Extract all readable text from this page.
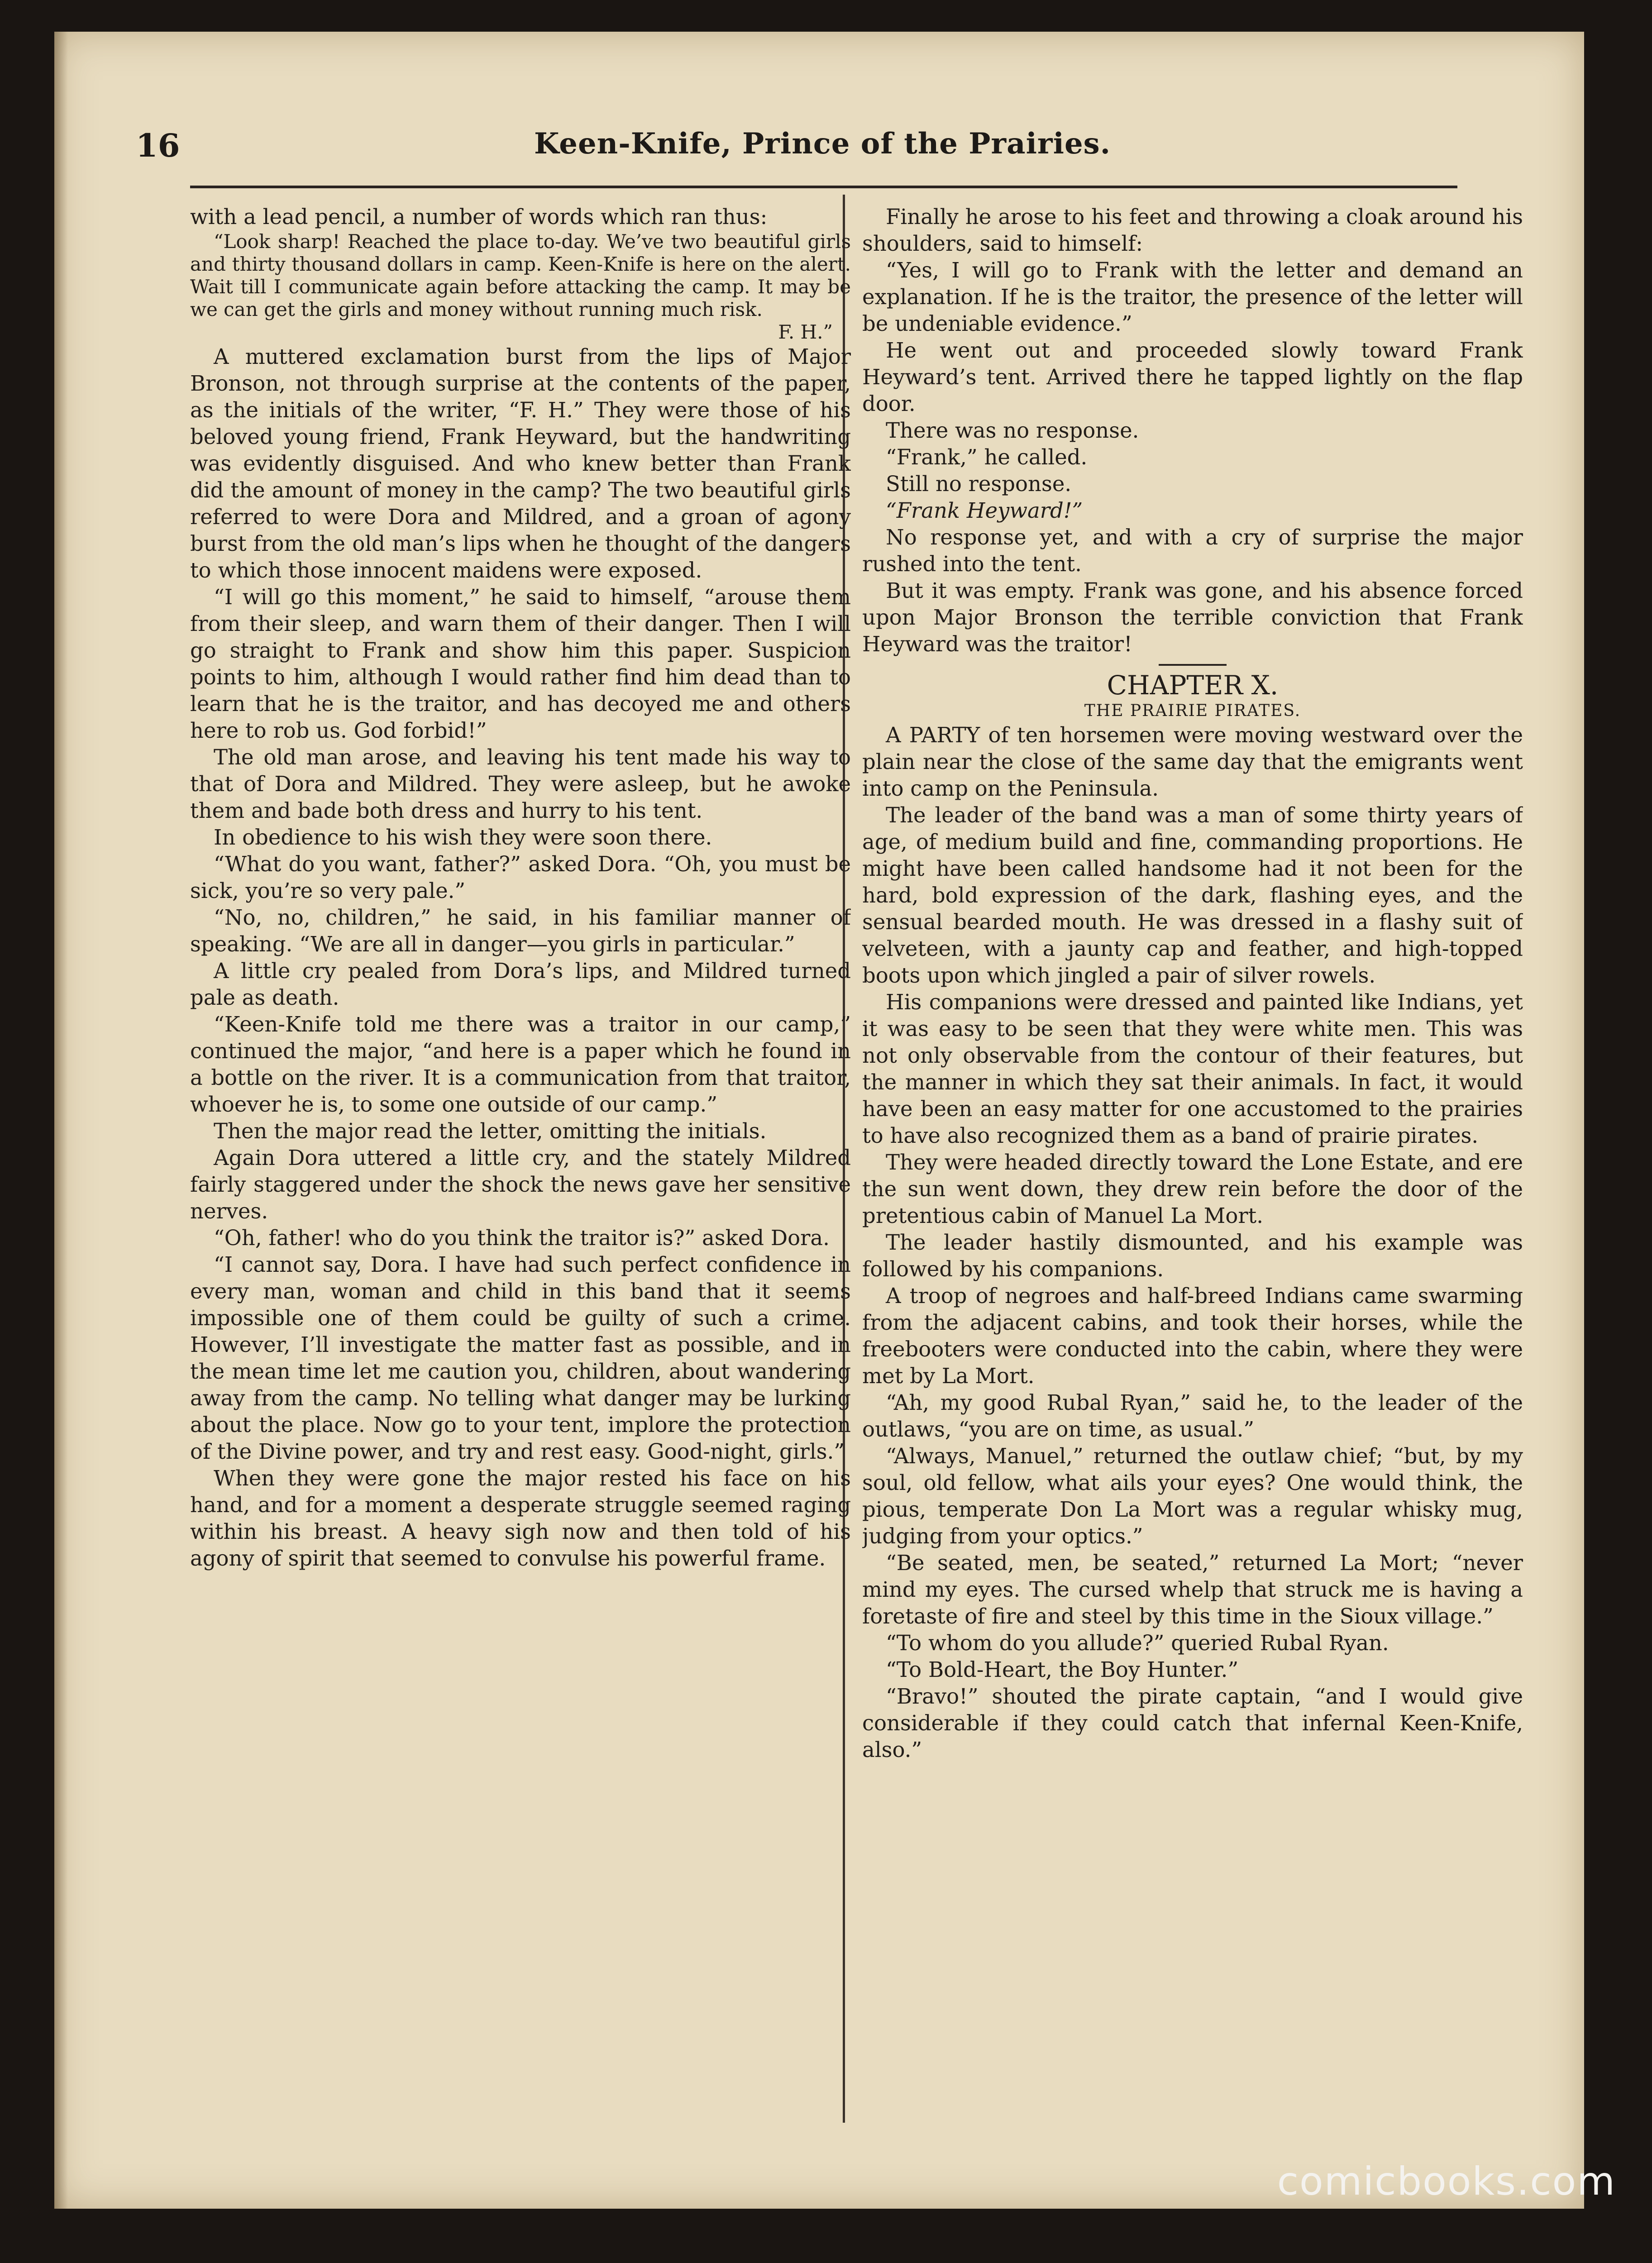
16	Keen-Knife, Prince of the Prairies.

with a lead pencil, a number of words which ran thus:

“Look sharp! Reached the place to-day. We’ve two beautiful girls and thirty thousand dollars in camp. Keen-Knife is here on the alert. Wait till I communicate again before attacking the camp. It may be we can get the girls and money without running much risk.

F. H.”

A muttered exclamation burst from the lips of Major Bronson, not through surprise at the contents of the paper, as the initials of the writer, “F. H.” They were those of his beloved young friend, Frank Heyward, but the handwriting was evidently disguised. And who knew better than Frank did the amount of money in the camp? The two beautiful girls referred to were Dora and Mildred, and a groan of agony burst from the old man’s lips when he thought of the dangers to which those innocent maidens were exposed.

“I will go this moment,” he said to himself, “arouse them from their sleep, and warn them of their danger. Then I will go straight to Frank and show him this paper. Suspicion points to him, although I would rather find him dead than to learn that he is the traitor, and has decoyed me and others here to rob us. God forbid!”

The old man arose, and leaving his tent made his way to that of Dora and Mildred. They were asleep, but he awoke them and bade both dress and hurry to his tent.

In obedience to his wish they were soon there.

“What do you want, father?” asked Dora. “Oh, you must be sick, you’re so very pale.”

“No, no, children,” he said, in his familiar manner of speaking. “We are all in danger—you girls in particular.”

A little cry pealed from Dora’s lips, and Mildred turned pale as death.

“Keen-Knife told me there was a traitor in our camp,” continued the major, “and here is a paper which he found in a bottle on the river. It is a communication from that traitor, whoever he is, to some one outside of our camp.”

Then the major read the letter, omitting the initials.

Again Dora uttered a little cry, and the stately Mildred fairly staggered under the shock the news gave her sensitive nerves.

“Oh, father! who do you think the traitor is?” asked Dora.

“I cannot say, Dora. I have had such perfect confidence in every man, woman and child in this band that it seems impossible one of them could be guilty of such a crime. However, I’ll investigate the matter fast as possible, and in the mean time let me caution you, children, about wandering away from the camp. No telling what danger may be lurking about the place. Now go to your tent, implore the protection of the Divine power, and try and rest easy. Good-night, girls.”

When they were gone the major rested his face on his hand, and for a moment a desperate struggle seemed raging within his breast. A heavy sigh now and then told of his agony of spirit that seemed to convulse his powerful frame.

Finally he arose to his feet and throwing a cloak around his shoulders, said to himself:

“Yes, I will go to Frank with the letter and demand an explanation. If he is the traitor, the presence of the letter will be undeniable evidence.”

He went out and proceeded slowly toward Frank Heyward’s tent. Arrived there he tapped lightly on the flap door.

There was no response.

“Frank,” he called.

Still no response.

“Frank Heyward!”

No response yet, and with a cry of surprise the major rushed into the tent.

But it was empty. Frank was gone, and his absence forced upon Major Bronson the terrible conviction that Frank Heyward was the traitor!

CHAPTER X.

THE PRAIRIE PIRATES.

A PARTY of ten horsemen were moving westward over the plain near the close of the same day that the emigrants went into camp on the Peninsula.

The leader of the band was a man of some thirty years of age, of medium build and fine, commanding proportions. He might have been called handsome had it not been for the hard, bold expression of the dark, flashing eyes, and the sensual bearded mouth. He was dressed in a flashy suit of velveteen, with a jaunty cap and feather, and high-topped boots upon which jingled a pair of silver rowels.

His companions were dressed and painted like Indians, yet it was easy to be seen that they were white men. This was not only observable from the contour of their features, but the manner in which they sat their animals. In fact, it would have been an easy matter for one accustomed to the prairies to have also recognized them as a band of prairie pirates.

They were headed directly toward the Lone Estate, and ere the sun went down, they drew rein before the door of the pretentious cabin of Manuel La Mort.

The leader hastily dismounted, and his example was followed by his companions.

A troop of negroes and half-breed Indians came swarming from the adjacent cabins, and took their horses, while the freebooters were conducted into the cabin, where they were met by La Mort.

“Ah, my good Rubal Ryan,” said he, to the leader of the outlaws, “you are on time, as usual.”

“Always, Manuel,” returned the outlaw chief; “but, by my soul, old fellow, what ails your eyes? One would think, the pious, temperate Don La Mort was a regular whisky mug, judging from your optics.”

“Be seated, men, be seated,” returned La Mort; “never mind my eyes. The cursed whelp that struck me is having a foretaste of fire and steel by this time in the Sioux village.”

“To whom do you allude?” queried Rubal Ryan.

“To Bold-Heart, the Boy Hunter.”

“Bravo!” shouted the pirate captain, “and I would give considerable if they could catch that infernal Keen-Knife, also.”

comicbooks.com
